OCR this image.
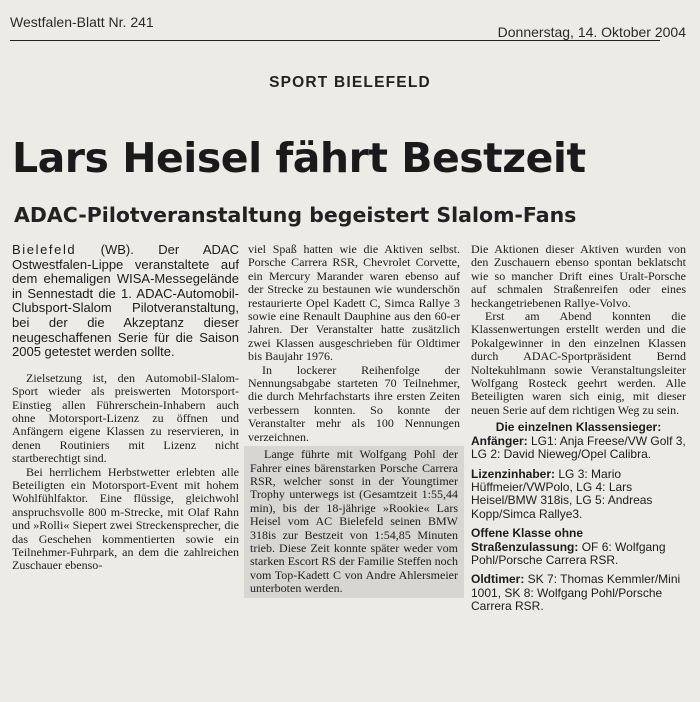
Westfalen-Blatt Nr. 241
Donnerstag, 14. Oktober 2004
SPORT BIELEFELD
Lars Heisel fährt Bestzeit
ADAC-Pilotveranstaltung begeistert Slalom-Fans

Bielefeld (WB). Der ADAC Ostwestfalen-Lippe veranstaltete auf dem ehemaligen WISA-Messegelände in Sennestadt die 1. ADAC-Automobil-Clubsport-Slalom Pilotveranstaltung, bei der die Akzeptanz dieser neugeschaffenen Serie für die Saison 2005 getestet werden sollte.

Zielsetzung ist, den Automobil-Slalom-Sport wieder als preiswerten Motorsport-Einstieg allen Führerschein-Inhabern auch ohne Motorsport-Lizenz zu öffnen und Anfängern eigene Klassen zu reservieren, in denen Routiniers mit Lizenz nicht startberechtigt sind.

Bei herrlichem Herbstwetter erlebten alle Beteiligten ein Motorsport-Event mit hohem Wohlfühlfaktor. Eine flüssige, gleichwohl anspruchsvolle 800 m-Strecke, mit Olaf Rahn und »Rolli« Siepert zwei Streckensprecher, die das Geschehen kommentierten sowie ein Teilnehmer-Fuhrpark, an dem die zahlreichen Zuschauer ebenso-

viel Spaß hatten wie die Aktiven selbst. Porsche Carrera RSR, Chevrolet Corvette, ein Mercury Marander waren ebenso auf der Strecke zu bestaunen wie wunderschön restaurierte Opel Kadett C, Simca Rallye 3 sowie eine Renault Dauphine aus den 60-er Jahren. Der Veranstalter hatte zusätzlich zwei Klassen ausgeschrieben für Oldtimer bis Baujahr 1976.

In lockerer Reihenfolge der Nennungsabgabe starteten 70 Teilnehmer, die durch Mehrfachstarts ihre ersten Zeiten verbessern konnten. So konnte der Veranstalter mehr als 100 Nennungen verzeichnen.

Lange führte mit Wolfgang Pohl der Fahrer eines bärenstarken Porsche Carrera RSR, welcher sonst in der Youngtimer Trophy unterwegs ist (Gesamtzeit 1:55,44 min), bis der 18-jährige »Rookie« Lars Heisel vom AC Bielefeld seinen BMW 318is zur Bestzeit von 1:54,85 Minuten trieb. Diese Zeit konnte später weder vom starken Escort RS der Familie Steffen noch vom Top-Kadett C von Andre Ahlersmeier unterboten werden.

Die Aktionen dieser Aktiven wurden von den Zuschauern ebenso spontan beklatscht wie so mancher Drift eines Uralt-Porsche auf schmalen Straßenreifen oder eines heckangetriebenen Rallye-Volvo.

Erst am Abend konnten die Klassenwertungen erstellt werden und die Pokalgewinner in den einzelnen Klassen durch ADAC-Sportpräsident Bernd Noltekuhlmann sowie Veranstaltungsleiter Wolfgang Rosteck geehrt werden. Alle Beteiligten waren sich einig, mit dieser neuen Serie auf dem richtigen Weg zu sein.

Die einzelnen Klassensieger:

Anfänger: LG1: Anja Freese/VW Golf 3, LG 2: David Nieweg/Opel Calibra.

Lizenzinhaber: LG 3: Mario Hüffmeier/VWPolo, LG 4: Lars Heisel/BMW 318is, LG 5: Andreas Kopp/Simca Rallye3.

Offene Klasse ohne Straßenzulassung: OF 6: Wolfgang Pohl/Porsche Carrera RSR.

Oldtimer: SK 7: Thomas Kemmler/Mini 1001, SK 8: Wolfgang Pohl/Porsche Carrera RSR.
